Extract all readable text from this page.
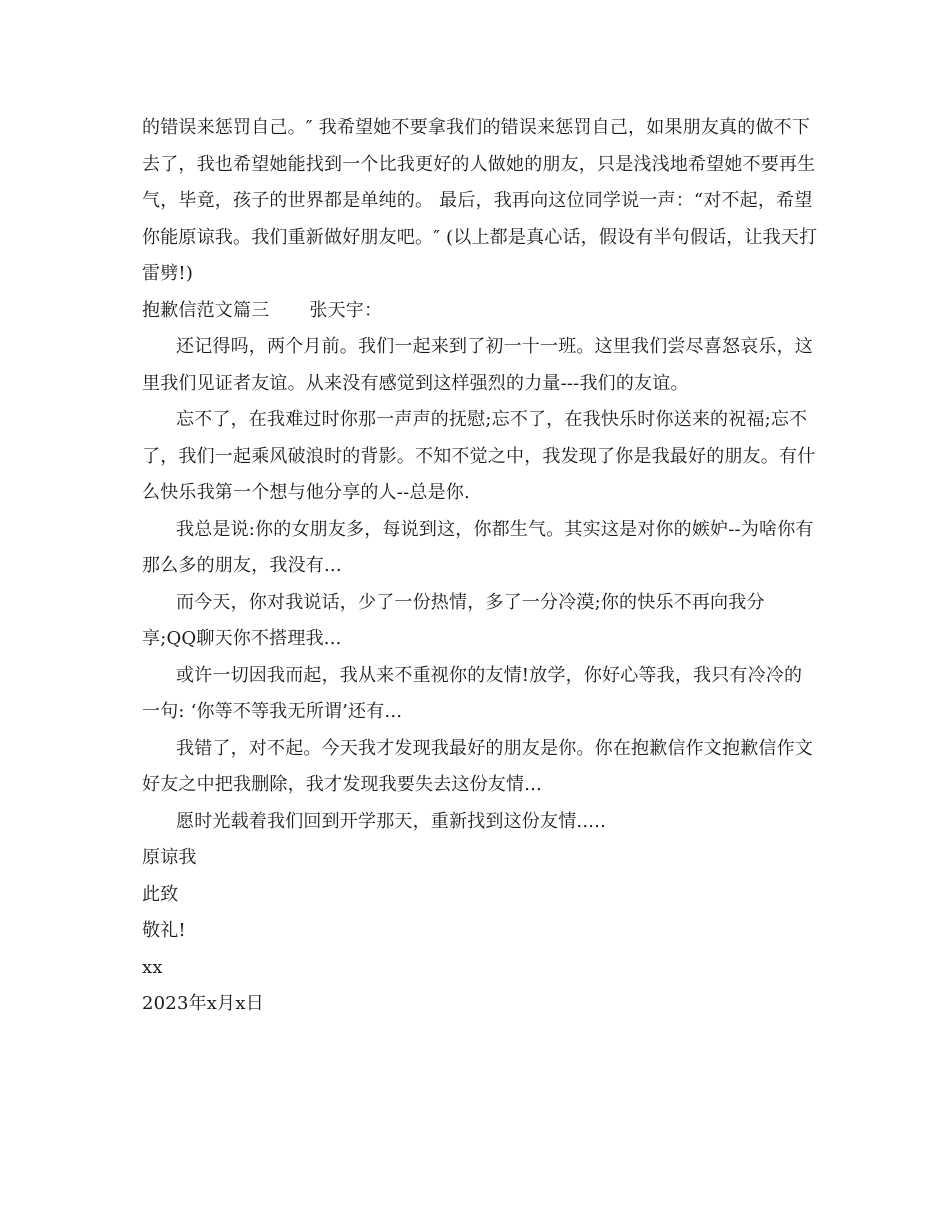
的错误来惩罚自己。″ 我希望她不要拿我们的错误来惩罚自己，如果朋友真的做不下去了，我也希望她能找到一个比我更好的人做她的朋友，只是浅浅地希望她不要再生气，毕竟，孩子的世界都是单纯的。 最后，我再向这位同学说一声：“对不起，希望你能原谅我。我们重新做好朋友吧。″ (以上都是真心话，假设有半句假话，让我天打雷劈!)

抱歉信范文篇三 张天宇：

还记得吗，两个月前。我们一起来到了初一十一班。这里我们尝尽喜怒哀乐，这里我们见证者友谊。从来没有感觉到这样强烈的力量---我们的友谊。

忘不了，在我难过时你那一声声的抚慰;忘不了，在我快乐时你送来的祝福;忘不了，我们一起乘风破浪时的背影。不知不觉之中，我发现了你是我最好的朋友。有什么快乐我第一个想与他分享的人--总是你.

我总是说:你的女朋友多，每说到这，你都生气。其实这是对你的嫉妒--为啥你有那么多的朋友，我没有...

而今天，你对我说话，少了一份热情，多了一分冷漠;你的快乐不再向我分享;QQ聊天你不搭理我...

或许一切因我而起，我从来不重视你的友情!放学，你好心等我，我只有冷冷的一句: ‘你等不等我无所谓’还有...

我错了，对不起。今天我才发现我最好的朋友是你。你在抱歉信作文抱歉信作文好友之中把我删除，我才发现我要失去这份友情...

愿时光载着我们回到开学那天，重新找到这份友情.....

原谅我

此致

敬礼!

xx

2023年x月x日
